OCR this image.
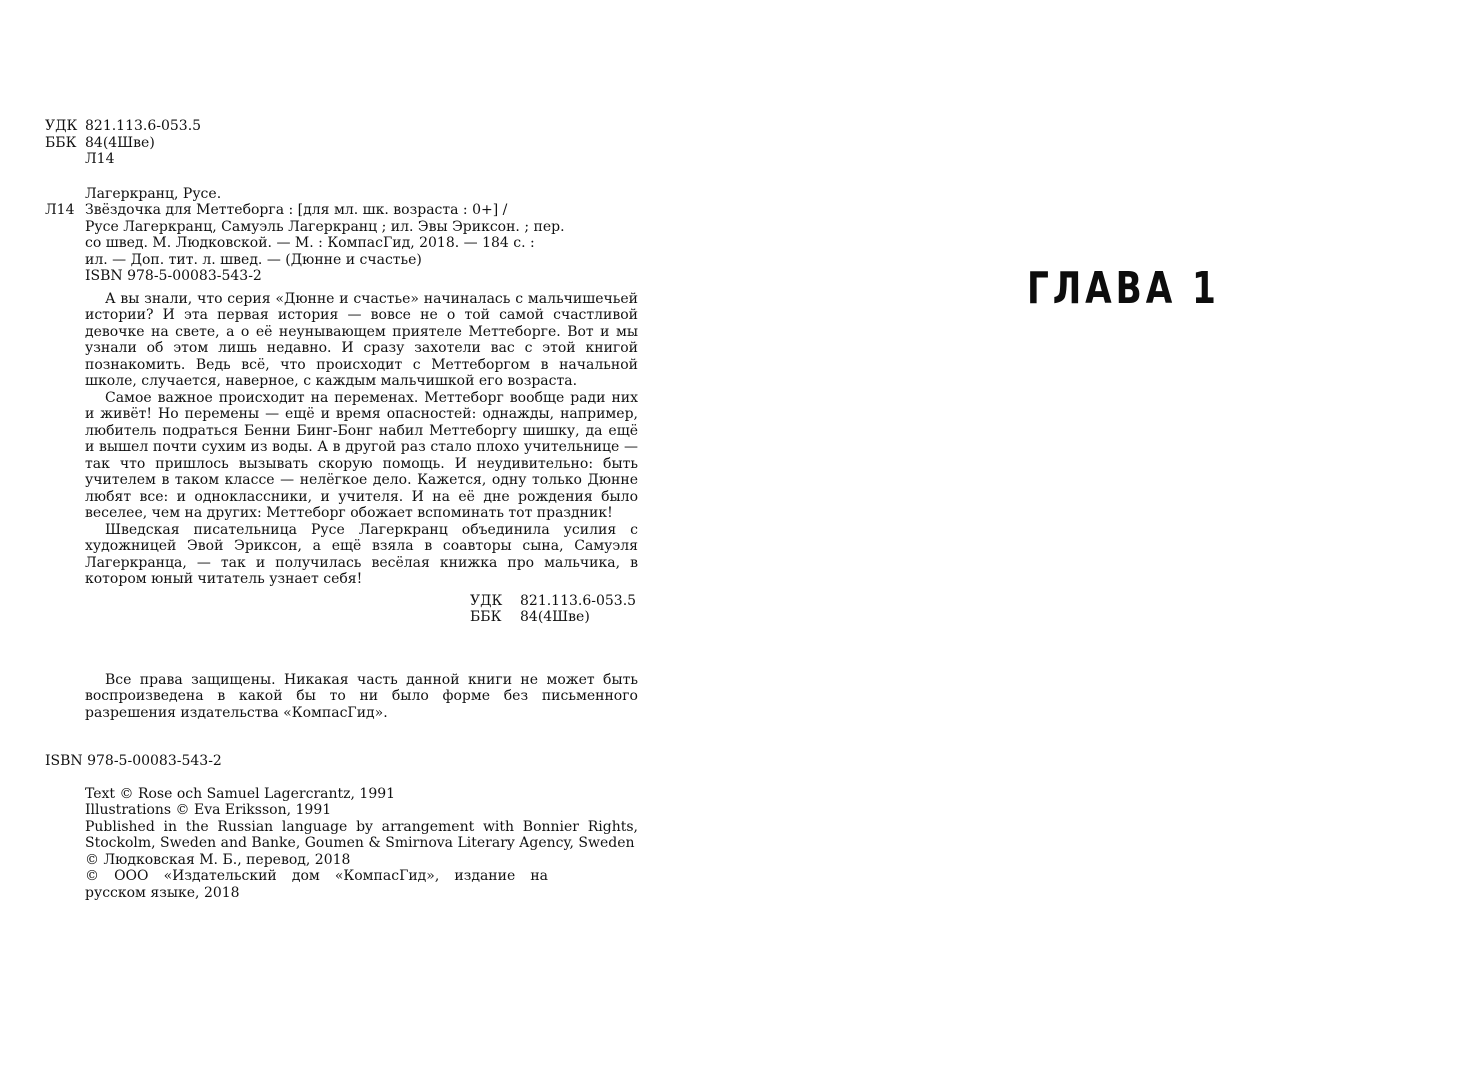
УДК 821.113.6-053.5
ББК 84(4Шве)
Л14
Лагеркранц, Русе.
Л14 Звёздочка для Меттеборга : [для мл. шк. возраста : 0+] /
Русе Лагеркранц, Самуэль Лагеркранц ; ил. Эвы Эриксон. ; пер.
со швед. М. Людковской. — М. : КомпасГид, 2018. — 184 с. :
ил. — Доп. тит. л. швед. — (Дюнне и счастье)
ISBN 978-5-00083-543-2
А вы знали, что серия «Дюнне и счастье» начиналась с мальчишечьей истории? И эта первая история — вовсе не о той самой счастливой девочке на свете, а о её неунывающем приятеле Меттеборге. Вот и мы узнали об этом лишь недавно. И сразу захотели вас с этой книгой познакомить. Ведь всё, что происходит с Меттеборгом в начальной школе, случается, наверное, с каждым мальчишкой его возраста.
Самое важное происходит на переменах. Меттеборг вообще ради них и живёт! Но перемены — ещё и время опасностей: однажды, например, любитель подраться Бенни Бинг-Бонг набил Меттеборгу шишку, да ещё и вышел почти сухим из воды. А в другой раз стало плохо учительнице — так что пришлось вызывать скорую помощь. И неудивительно: быть учителем в таком классе — нелёгкое дело. Кажется, одну только Дюнне любят все: и одноклассники, и учителя. И на её дне рождения было веселее, чем на других: Меттеборг обожает вспоминать тот праздник!
Шведская писательница Русе Лагеркранц объединила усилия с художницей Эвой Эриксон, а ещё взяла в соавторы сына, Самуэля Лагеркранца, — так и получилась весёлая книжка про мальчика, в котором юный читатель узнает себя!
УДК	821.113.6-053.5
ББК	84(4Шве)
Все права защищены. Никакая часть данной книги не может быть воспроизведена в какой бы то ни было форме без письменного разрешения издательства «КомпасГид».
ISBN 978-5-00083-543-2
Text © Rose och Samuel Lagercrantz, 1991
Illustrations © Eva Eriksson, 1991
Published in the Russian language by arrangement with Bonnier Rights, Stockolm, Sweden and Banke, Goumen & Smirnova Literary Agency, Sweden
© Людковская М. Б., перевод, 2018
© ООО «Издательский дом «КомпасГид», издание на русском языке, 2018
ГЛАВА 1
